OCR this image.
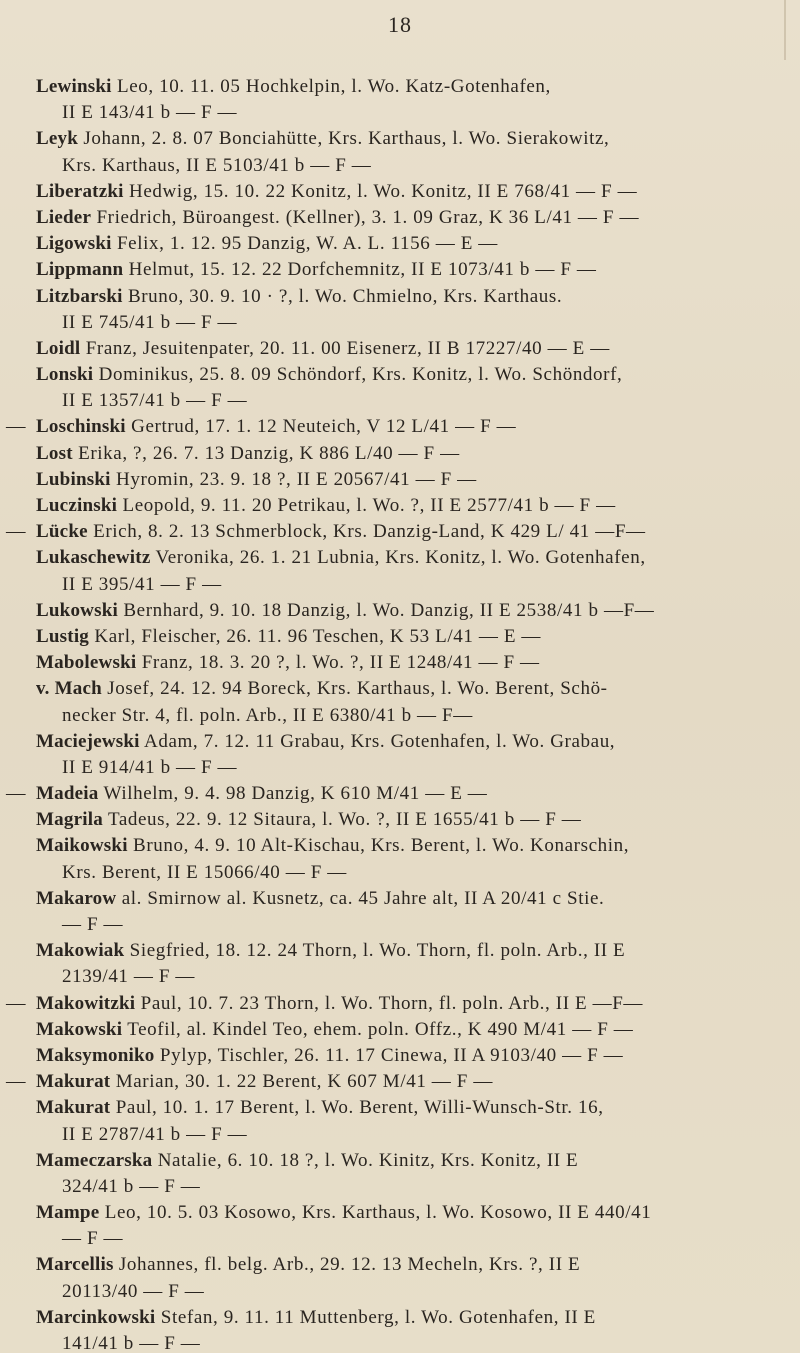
18
Lewinski Leo, 10. 11. 05 Hochkelpin, l. Wo. Katz-Gotenhafen,
II E 143/41 b — F —
Leyk Johann, 2. 8. 07 Bonciahütte, Krs. Karthaus, l. Wo. Sierakowitz,
Krs. Karthaus, II E 5103/41 b — F —
Liberatzki Hedwig, 15. 10. 22 Konitz, l. Wo. Konitz, II E 768/41 — F —
Lieder Friedrich, Büroangest. (Kellner), 3. 1. 09 Graz, K 36 L/41 — F —
Ligowski Felix, 1. 12. 95 Danzig, W. A. L. 1156 — E —
Lippmann Helmut, 15. 12. 22 Dorfchemnitz, II E 1073/41 b — F —
Litzbarski Bruno, 30. 9. 10 · ?, l. Wo. Chmielno, Krs. Karthaus.
II E 745/41 b — F —
Loidl Franz, Jesuitenpater, 20. 11. 00 Eisenerz, II B 17227/40 — E —
Lonski Dominikus, 25. 8. 09 Schöndorf, Krs. Konitz, l. Wo. Schöndorf,
II E 1357/41 b — F —
— Loschinski Gertrud, 17. 1. 12 Neuteich, V 12 L/41 — F —
Lost Erika, ?, 26. 7. 13 Danzig, K 886 L/40 — F —
Lubinski Hyromin, 23. 9. 18 ?, II E 20567/41 — F —
Luczinski Leopold, 9. 11. 20 Petrikau, l. Wo. ?, II E 2577/41 b — F —
— Lücke Erich, 8. 2. 13 Schmerblock, Krs. Danzig-Land, K 429 L/ 41 —F—
Lukaschewitz Veronika, 26. 1. 21 Lubnia, Krs. Konitz, l. Wo. Gotenhafen,
II E 395/41 — F —
Lukowski Bernhard, 9. 10. 18 Danzig, l. Wo. Danzig, II E 2538/41 b —F—
Lustig Karl, Fleischer, 26. 11. 96 Teschen, K 53 L/41 — E —
Mabolewski Franz, 18. 3. 20 ?, l. Wo. ?, II E 1248/41 — F —
v. Mach Josef, 24. 12. 94 Boreck, Krs. Karthaus, l. Wo. Berent, Schö-
necker Str. 4, fl. poln. Arb., II E 6380/41 b — F—
Maciejewski Adam, 7. 12. 11 Grabau, Krs. Gotenhafen, l. Wo. Grabau,
II E 914/41 b — F —
— Madeia Wilhelm, 9. 4. 98 Danzig, K 610 M/41 — E —
Magrila Tadeus, 22. 9. 12 Sitaura, l. Wo. ?, II E 1655/41 b — F —
Maikowski Bruno, 4. 9. 10 Alt-Kischau, Krs. Berent, l. Wo. Konarschin,
Krs. Berent, II E 15066/40 — F —
Makarow al. Smirnow al. Kusnetz, ca. 45 Jahre alt, II A 20/41 c Stie.
— F —
Makowiak Siegfried, 18. 12. 24 Thorn, l. Wo. Thorn, fl. poln. Arb., II E
2139/41 — F —
— Makowitzki Paul, 10. 7. 23 Thorn, l. Wo. Thorn, fl. poln. Arb., II E —F—
Makowski Teofil, al. Kindel Teo, ehem. poln. Offz., K 490 M/41 — F —
Maksymoniko Pylyp, Tischler, 26. 11. 17 Cinewa, II A 9103/40 — F —
— Makurat Marian, 30. 1. 22 Berent, K 607 M/41 — F —
Makurat Paul, 10. 1. 17 Berent, l. Wo. Berent, Willi-Wunsch-Str. 16,
II E 2787/41 b — F —
Mameczarska Natalie, 6. 10. 18 ?, l. Wo. Kinitz, Krs. Konitz, II E
324/41 b — F —
Mampe Leo, 10. 5. 03 Kosowo, Krs. Karthaus, l. Wo. Kosowo, II E 440/41
— F —
Marcellis Johannes, fl. belg. Arb., 29. 12. 13 Mecheln, Krs. ?, II E
20113/40 — F —
Marcinkowski Stefan, 9. 11. 11 Muttenberg, l. Wo. Gotenhafen, II E
141/41 b — F —
